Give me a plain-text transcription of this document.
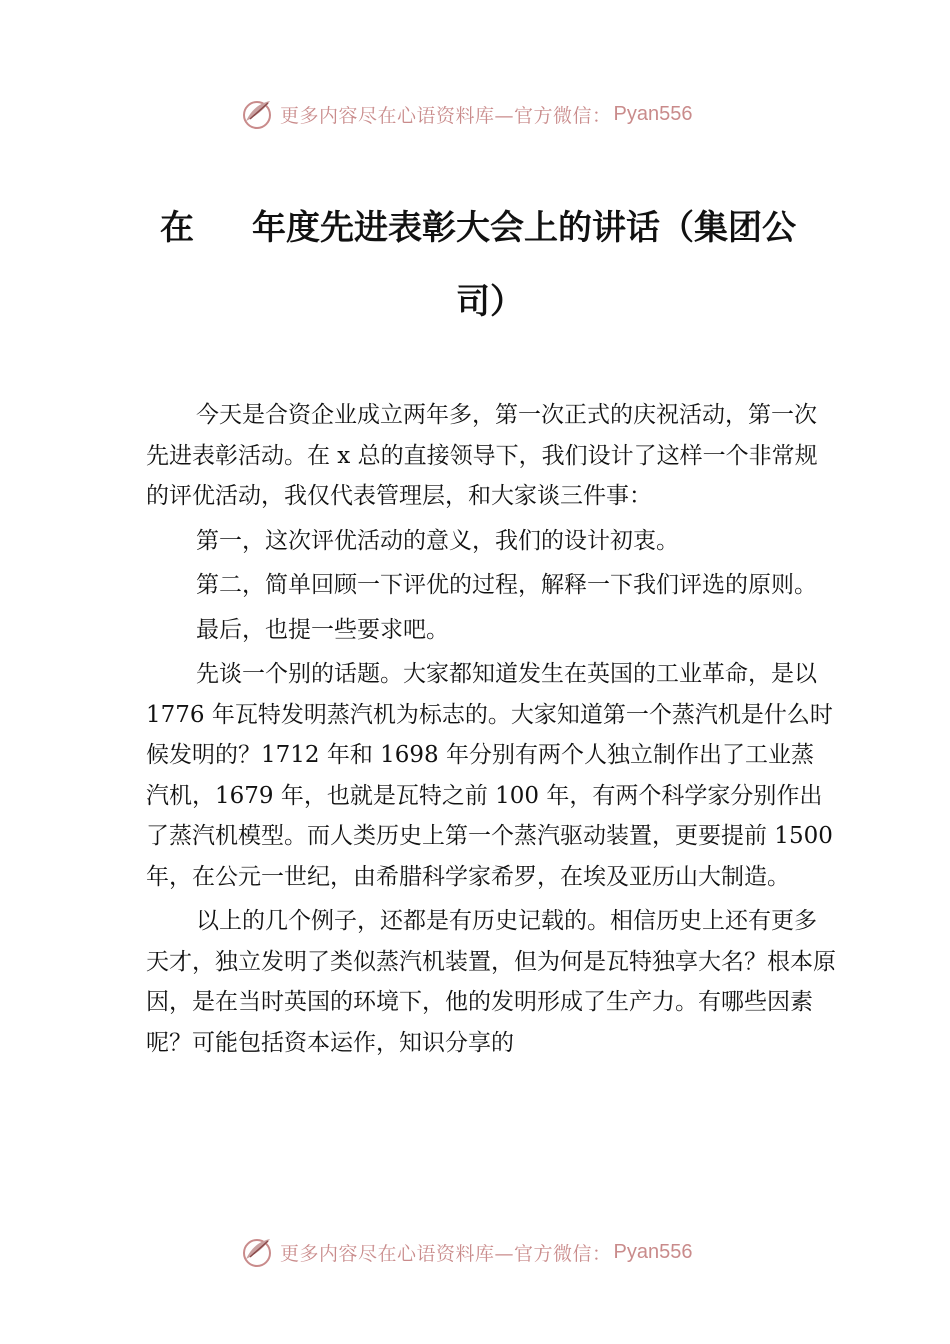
更多内容尽在心语资料库—官方微信： Pyan556
在	年度先进表彰大会上的讲话（集团公
司）

今天是合资企业成立两年多，第一次正式的庆祝活动，第一次先进表彰活动。在 x 总的直接领导下，我们设计了这样一个非常规的评优活动，我仅代表管理层，和大家谈三件事：

第一，这次评优活动的意义，我们的设计初衷。

第二，简单回顾一下评优的过程，解释一下我们评选的原则。

最后，也提一些要求吧。

先谈一个别的话题。大家都知道发生在英国的工业革命，是以 1776 年瓦特发明蒸汽机为标志的。大家知道第一个蒸汽机是什么时候发明的？1712 年和 1698 年分别有两个人独立制作出了工业蒸汽机，1679 年，也就是瓦特之前 100 年，有两个科学家分别作出了蒸汽机模型。而人类历史上第一个蒸汽驱动装置，更要提前 1500 年，在公元一世纪，由希腊科学家希罗，在埃及亚历山大制造。

以上的几个例子，还都是有历史记载的。相信历史上还有更多天才，独立发明了类似蒸汽机装置，但为何是瓦特独享大名？根本原因，是在当时英国的环境下，他的发明形成了生产力。有哪些因素呢？可能包括资本运作，知识分享的

更多内容尽在心语资料库—官方微信： Pyan556
